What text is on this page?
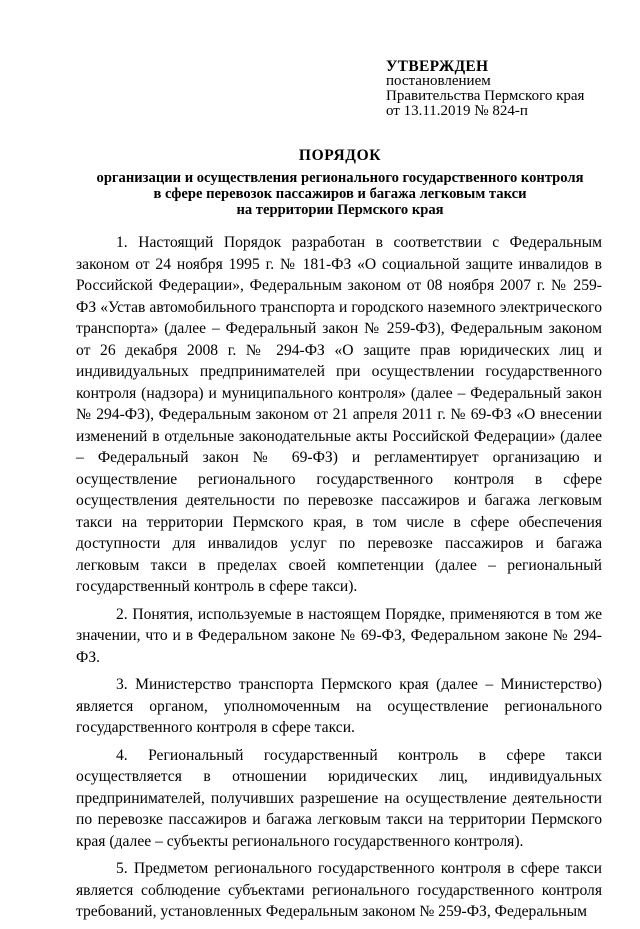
УТВЕРЖДЕН
постановлением
Правительства Пермского края
от 13.11.2019 № 824-п
ПОРЯДОК
организации и осуществления регионального государственного контроля
в сфере перевозок пассажиров и багажа легковым такси
на территории Пермского края

1. Настоящий Порядок разработан в соответствии с Федеральным законом от 24 ноября 1995 г. № 181-ФЗ «О социальной защите инвалидов в Российской Федерации», Федеральным законом от 08 ноября 2007 г. № 259-ФЗ «Устав автомобильного транспорта и городского наземного электрического транспорта» (далее – Федеральный закон № 259-ФЗ), Федеральным законом от 26 декабря 2008 г. № 294-ФЗ «О защите прав юридических лиц и индивидуальных предпринимателей при осуществлении государственного контроля (надзора) и муниципального контроля» (далее – Федеральный закон № 294-ФЗ), Федеральным законом от 21 апреля 2011 г. № 69-ФЗ «О внесении изменений в отдельные законодательные акты Российской Федерации» (далее – Федеральный закон № 69-ФЗ) и регламентирует организацию и осуществление регионального государственного контроля в сфере осуществления деятельности по перевозке пассажиров и багажа легковым такси на территории Пермского края, в том числе в сфере обеспечения доступности для инвалидов услуг по перевозке пассажиров и багажа легковым такси в пределах своей компетенции (далее – региональный государственный контроль в сфере такси).

2. Понятия, используемые в настоящем Порядке, применяются в том же значении, что и в Федеральном законе № 69-ФЗ, Федеральном законе № 294-ФЗ.

3. Министерство транспорта Пермского края (далее – Министерство) является органом, уполномоченным на осуществление регионального государственного контроля в сфере такси.

4. Региональный государственный контроль в сфере такси осуществляется в отношении юридических лиц, индивидуальных предпринимателей, получивших разрешение на осуществление деятельности по перевозке пассажиров и багажа легковым такси на территории Пермского края (далее – субъекты регионального государственного контроля).

5. Предметом регионального государственного контроля в сфере такси является соблюдение субъектами регионального государственного контроля требований, установленных Федеральным законом № 259-ФЗ, Федеральным
